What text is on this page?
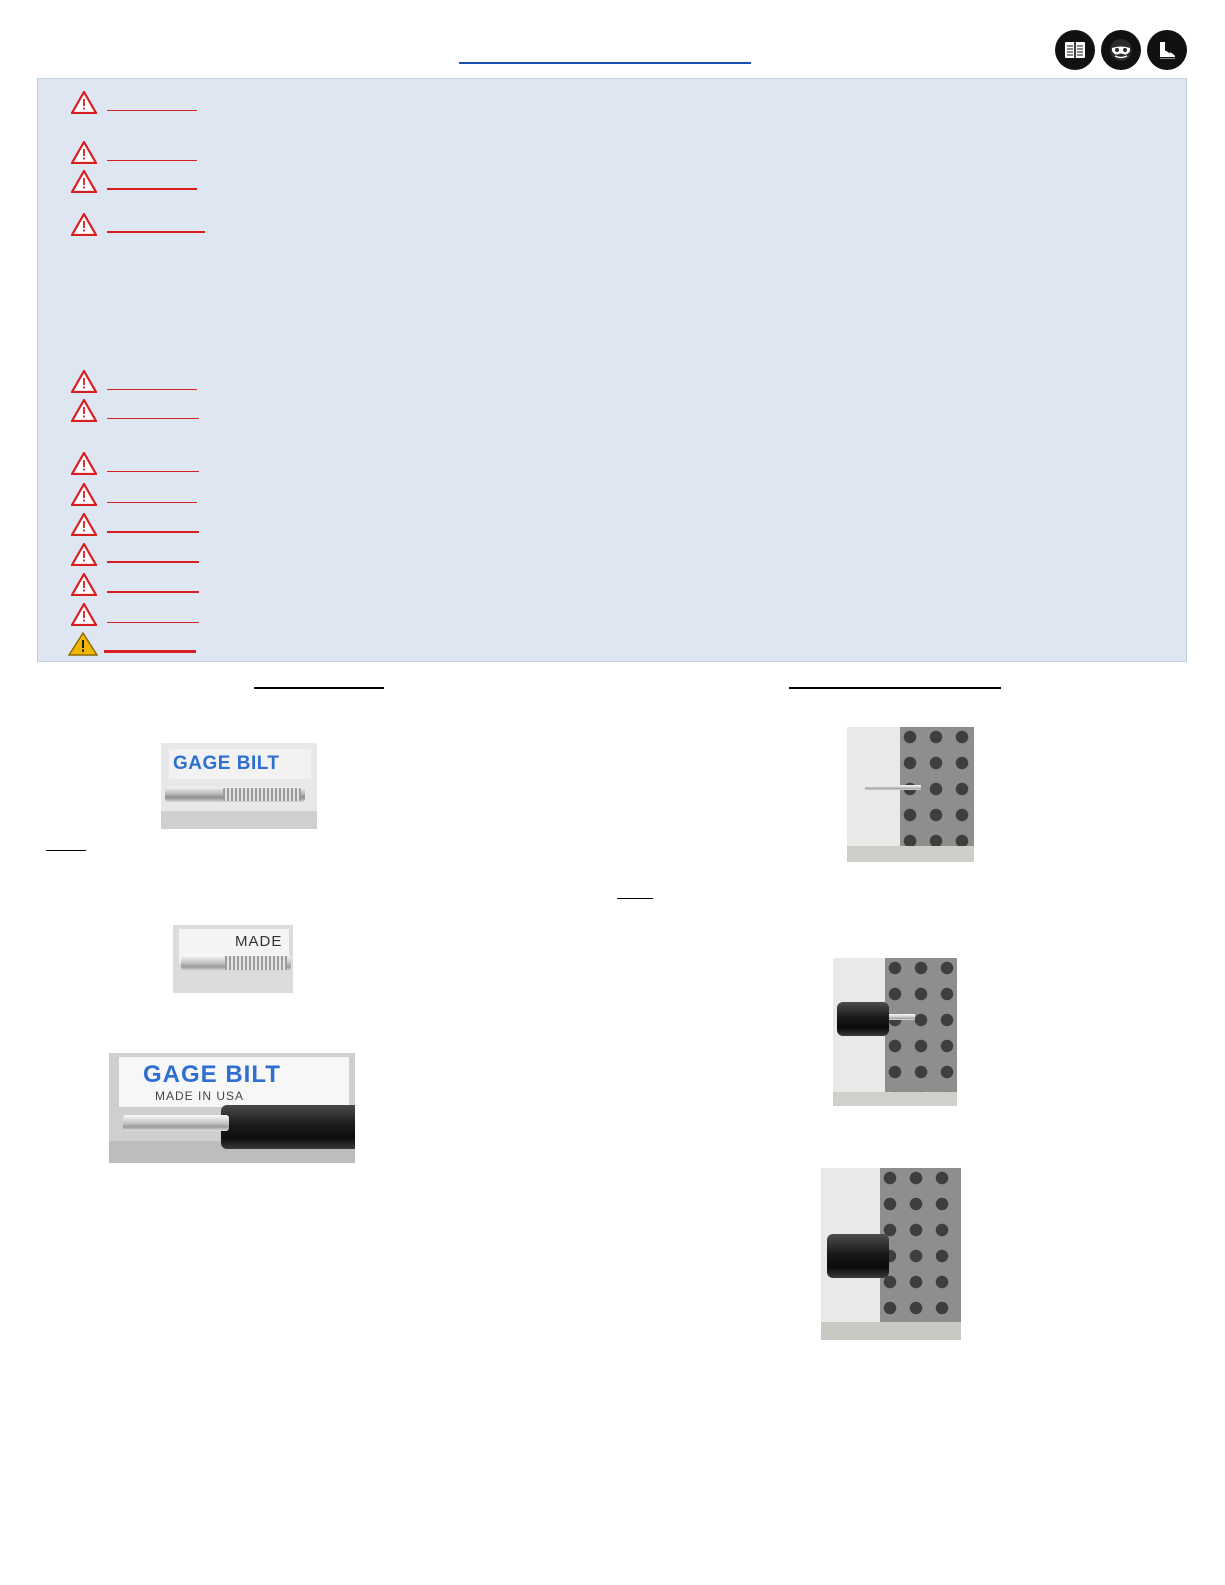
GAGE BILT
MADE
GAGE BILT
MADE IN USA
